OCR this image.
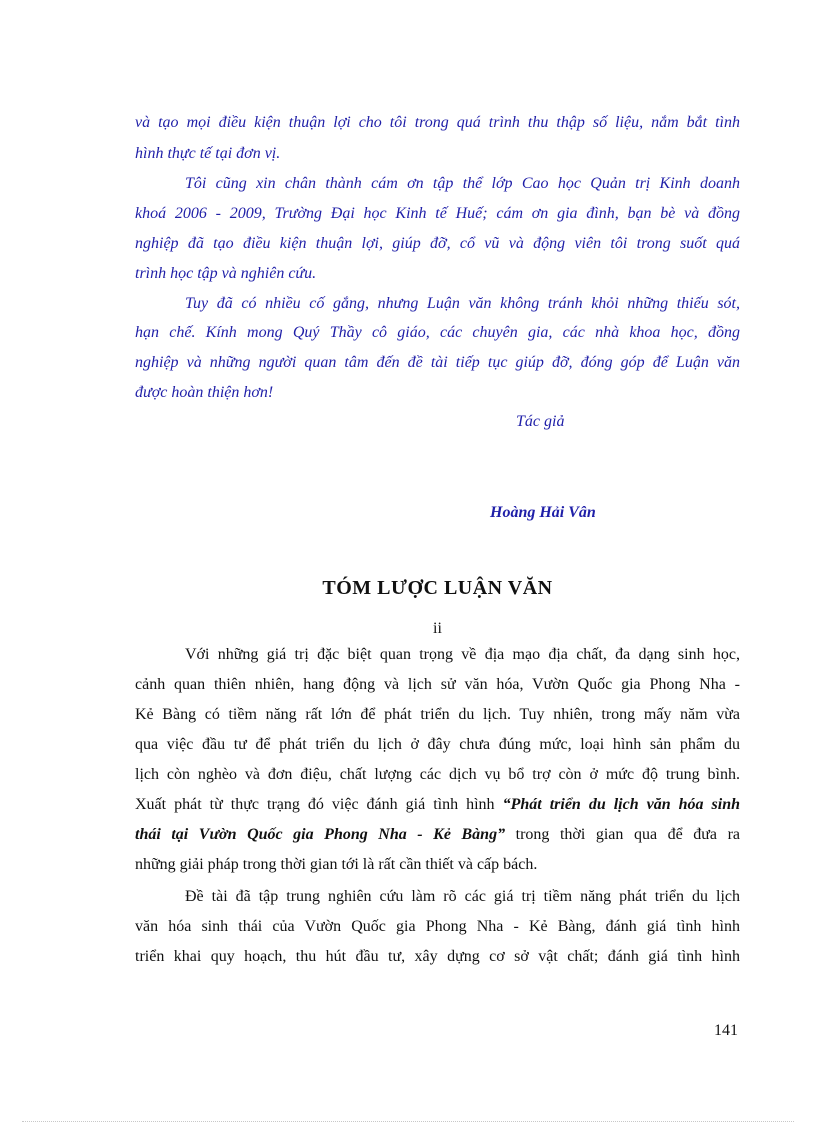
và tạo mọi điều kiện thuận lợi cho tôi trong quá trình thu thập số liệu, nắm bắt tình
hình thực tế tại đơn vị.
Tôi cũng xin chân thành cám ơn tập thể lớp Cao học Quản trị Kinh doanh
khoá 2006 - 2009, Trường Đại học Kinh tế Huế; cám ơn gia đình, bạn bè và đồng
nghiệp đã tạo điều kiện thuận lợi, giúp đỡ, cổ vũ và động viên tôi trong suốt quá
trình học tập và nghiên cứu.
Tuy đã có nhiều cố gắng, nhưng Luận văn không tránh khỏi những thiếu sót,
hạn chế. Kính mong Quý Thầy cô giáo, các chuyên gia, các nhà khoa học, đồng
nghiệp và những người quan tâm đến đề tài tiếp tục giúp đỡ, đóng góp để Luận văn
được hoàn thiện hơn!
Tác giả
Hoàng Hải Vân
TÓM LƯỢC LUẬN VĂN
ii
Với những giá trị đặc biệt quan trọng về địa mạo địa chất, đa dạng sinh học,
cảnh quan thiên nhiên, hang động và lịch sử văn hóa, Vườn Quốc gia Phong Nha -
Kẻ Bàng có tiềm năng rất lớn để phát triển du lịch. Tuy nhiên, trong mấy năm vừa
qua việc đầu tư để phát triển du lịch ở đây chưa đúng mức, loại hình sản phẩm du
lịch còn nghèo và đơn điệu, chất lượng các dịch vụ bổ trợ còn ở mức độ trung bình.
Xuất phát từ thực trạng đó việc đánh giá tình hình “Phát triển du lịch văn hóa sinh
thái tại Vườn Quốc gia Phong Nha - Kẻ Bàng” trong thời gian qua để đưa ra
những giải pháp trong thời gian tới là rất cần thiết và cấp bách.
Đề tài đã tập trung nghiên cứu làm rõ các giá trị tiềm năng phát triển du lịch
văn hóa sinh thái của Vườn Quốc gia Phong Nha - Kẻ Bàng, đánh giá tình hình
triển khai quy hoạch, thu hút đầu tư, xây dựng cơ sở vật chất; đánh giá tình hình
141
